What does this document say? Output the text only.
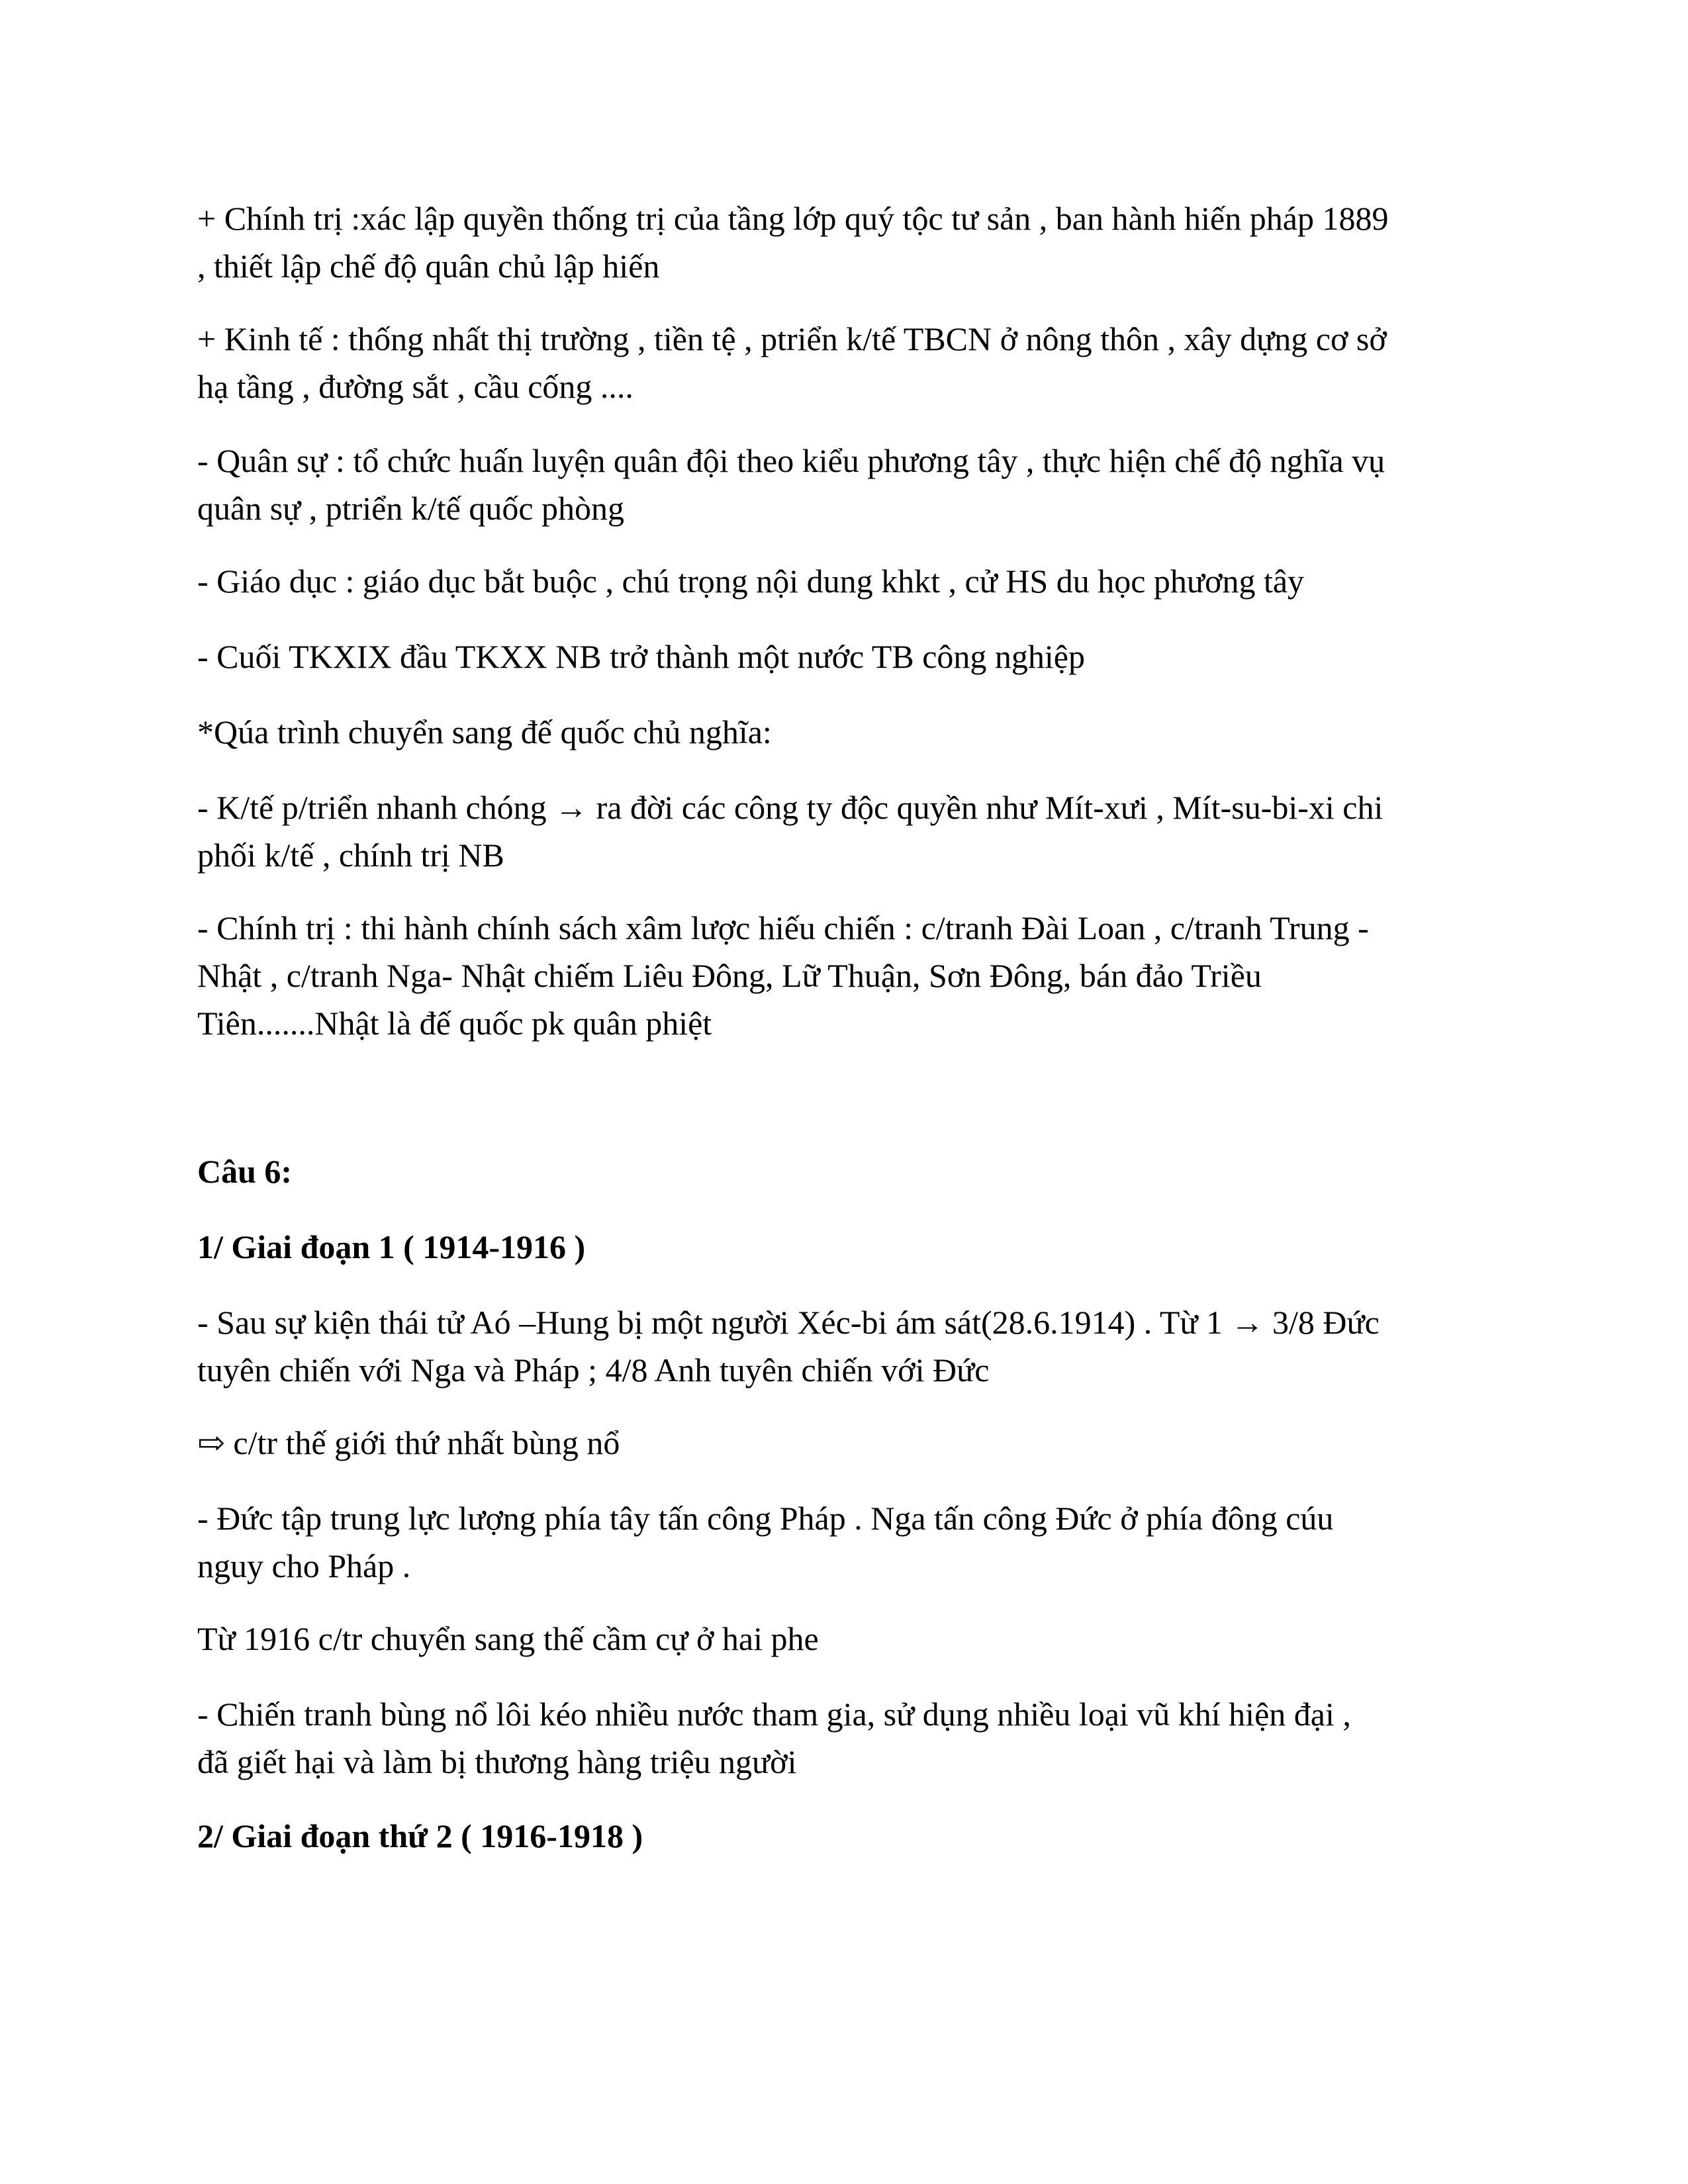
+ Chính trị :xác lập quyền thống trị của tầng lớp quý tộc tư sản , ban hành hiến pháp 1889
, thiết lập chế độ quân chủ lập hiến

+ Kinh tế : thống nhất thị trường , tiền tệ , ptriển k/tế TBCN ở nông thôn , xây dựng cơ sở
hạ tầng , đường sắt , cầu cống ....

- Quân sự : tổ chức huấn luyện quân đội theo kiểu phương tây , thực hiện chế độ nghĩa vụ
quân sự , ptriển k/tế quốc phòng

- Giáo dục : giáo dục bắt buộc , chú trọng nội dung khkt , cử HS du học phương tây

- Cuối TKXIX đầu TKXX NB trở thành một nước TB công nghiệp

*Qúa trình chuyển sang đế quốc chủ nghĩa:

- K/tế p/triển nhanh chóng → ra đời các công ty độc quyền như Mít-xưi , Mít-su-bi-xi chi
phối k/tế , chính trị NB

- Chính trị : thi hành chính sách xâm lược hiếu chiến : c/tranh Đài Loan , c/tranh Trung -
Nhật , c/tranh Nga- Nhật chiếm Liêu Đông, Lữ Thuận, Sơn Đông, bán đảo Triều
Tiên.......Nhật là đế quốc pk quân phiệt

Câu 6:

1/ Giai đoạn 1 ( 1914-1916 )

- Sau sự kiện thái tử Aó –Hung bị một người Xéc-bi ám sát(28.6.1914) . Từ 1 → 3/8 Đức
tuyên chiến với Nga và Pháp ; 4/8 Anh tuyên chiến với Đức

⇨ c/tr thế giới thứ nhất bùng nổ

- Đức tập trung lực lượng phía tây tấn công Pháp . Nga tấn công Đức ở phía đông cúu
nguy cho Pháp .

Từ 1916 c/tr chuyển sang thế cầm cự ở hai phe

- Chiến tranh bùng nổ lôi kéo nhiều nước tham gia, sử dụng nhiều loại vũ khí hiện đại ,
đã giết hại và làm bị thương hàng triệu người

2/ Giai đoạn thứ 2 ( 1916-1918 )
